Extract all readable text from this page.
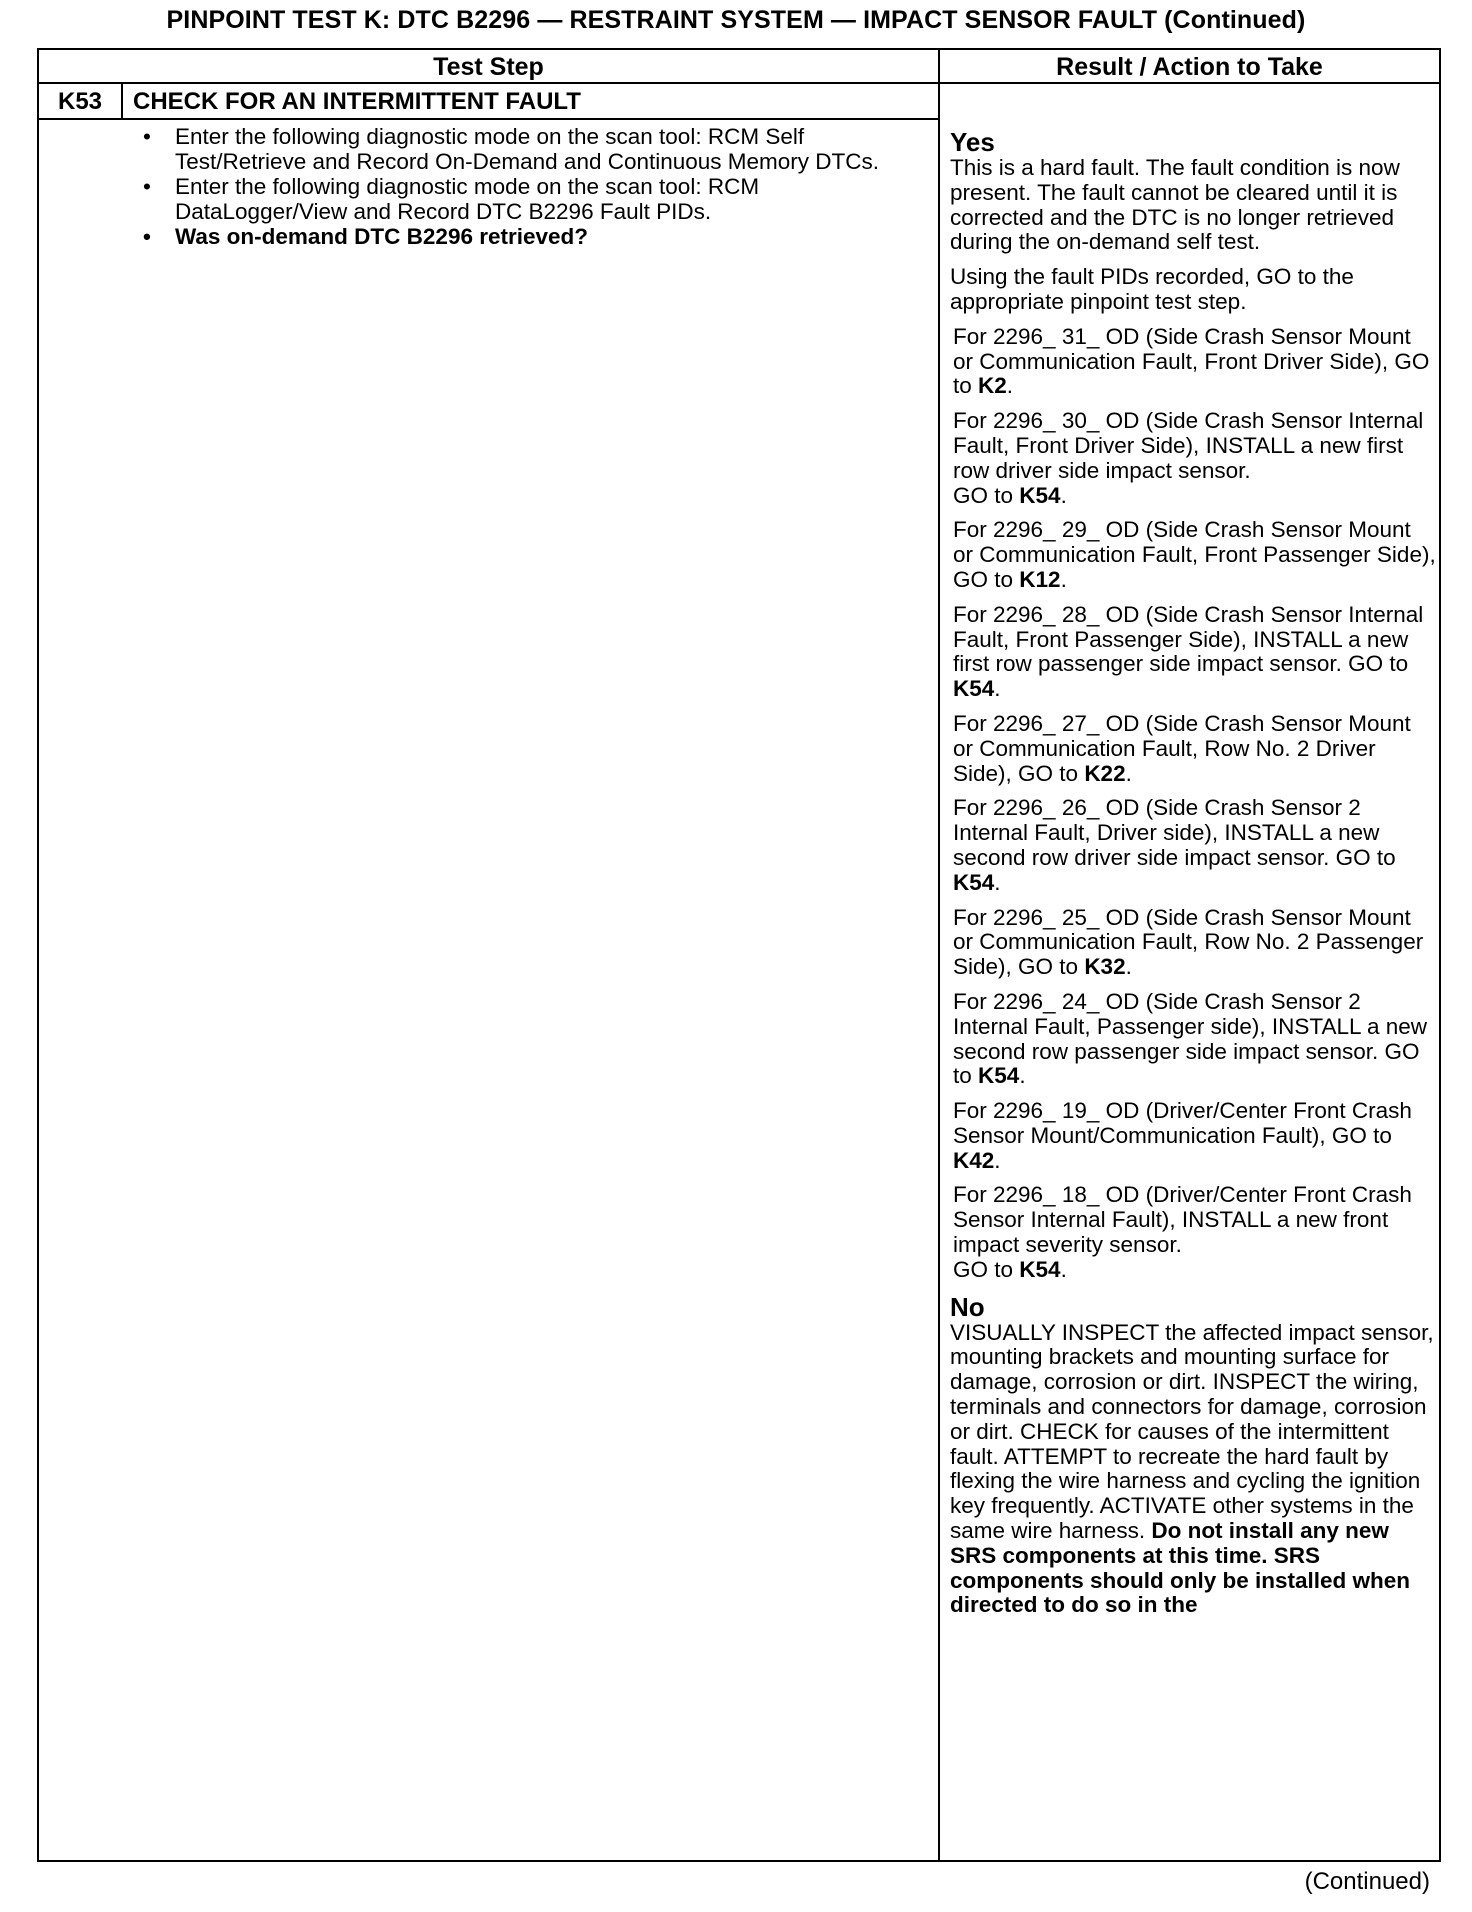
PINPOINT TEST K: DTC B2296 — RESTRAINT SYSTEM — IMPACT SENSOR FAULT (Continued)
Test Step	Result / Action to Take
K53	CHECK FOR AN INTERMITTENT FAULT
• Enter the following diagnostic mode on the scan tool: RCM Self Test/Retrieve and Record On-Demand and Continuous Memory DTCs.
• Enter the following diagnostic mode on the scan tool: RCM DataLogger/View and Record DTC B2296 Fault PIDs.
• Was on-demand DTC B2296 retrieved?
Yes

This is a hard fault. The fault condition is now present. The fault cannot be cleared until it is corrected and the DTC is no longer retrieved during the on-demand self test.

Using the fault PIDs recorded, GO to the appropriate pinpoint test step.

For 2296_ 31_ OD (Side Crash Sensor Mount or Communication Fault, Front Driver Side), GO to K2.

For 2296_ 30_ OD (Side Crash Sensor Internal Fault, Front Driver Side), INSTALL a new first row driver side impact sensor.
GO to K54.

For 2296_ 29_ OD (Side Crash Sensor Mount or Communication Fault, Front Passenger Side), GO to K12.

For 2296_ 28_ OD (Side Crash Sensor Internal Fault, Front Passenger Side), INSTALL a new first row passenger side impact sensor. GO to K54.

For 2296_ 27_ OD (Side Crash Sensor Mount or Communication Fault, Row No. 2 Driver Side), GO to K22.

For 2296_ 26_ OD (Side Crash Sensor 2 Internal Fault, Driver side), INSTALL a new second row driver side impact sensor. GO to K54.

For 2296_ 25_ OD (Side Crash Sensor Mount or Communication Fault, Row No. 2 Passenger Side), GO to K32.

For 2296_ 24_ OD (Side Crash Sensor 2 Internal Fault, Passenger side), INSTALL a new second row passenger side impact sensor. GO to K54.

For 2296_ 19_ OD (Driver/Center Front Crash Sensor Mount/Communication Fault), GO to K42.

For 2296_ 18_ OD (Driver/Center Front Crash Sensor Internal Fault), INSTALL a new front impact severity sensor.
GO to K54.

No

VISUALLY INSPECT the affected impact sensor, mounting brackets and mounting surface for damage, corrosion or dirt. INSPECT the wiring, terminals and connectors for damage, corrosion or dirt. CHECK for causes of the intermittent fault. ATTEMPT to recreate the hard fault by flexing the wire harness and cycling the ignition key frequently. ACTIVATE other systems in the same wire harness. Do not install any new SRS components at this time. SRS components should only be installed when directed to do so in the

(Continued)
